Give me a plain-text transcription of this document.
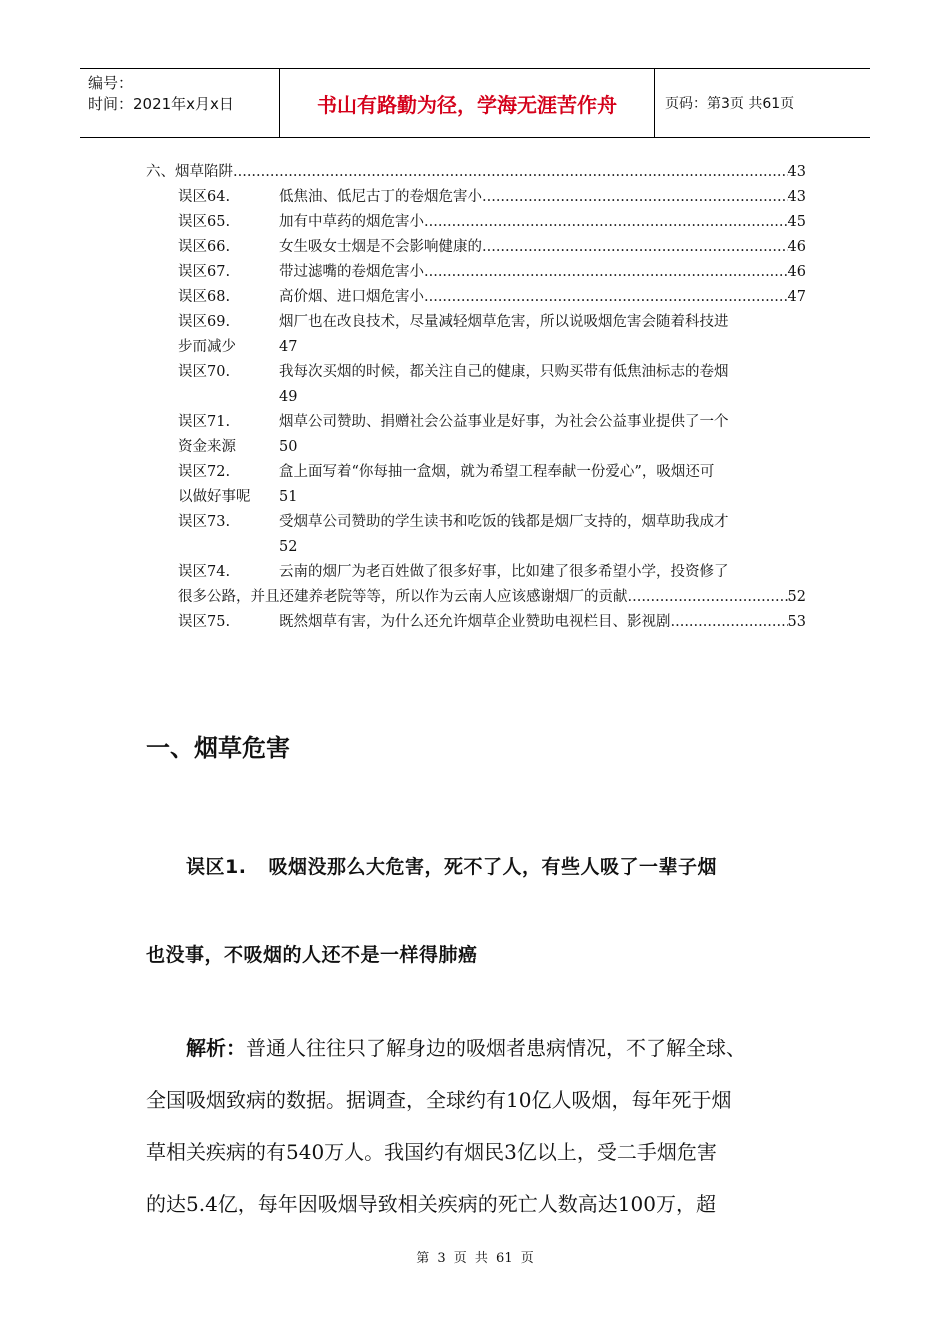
编号：
时间：2021年x月x日	书山有路勤为径，学海无涯苦作舟	页码：第3页 共61页
六、烟草陷阱 .....	43
误区64.	低焦油、低尼古丁的卷烟危害小 .....	43
误区65.	加有中草药的烟危害小 .....	45
误区66.	女生吸女士烟是不会影响健康的 .....	46
误区67.	带过滤嘴的卷烟危害小 .....	46
误区68.	高价烟、进口烟危害小 .....	47
误区69.	烟厂也在改良技术，尽量减轻烟草危害，所以说吸烟危害会随着科技进
步而减少	47
误区70.	我每次买烟的时候，都关注自己的健康，只购买带有低焦油标志的卷烟
49
误区71.	烟草公司赞助、捐赠社会公益事业是好事，为社会公益事业提供了一个
资金来源	50
误区72.	盒上面写着“你每抽一盒烟，就为希望工程奉献一份爱心”，吸烟还可
以做好事呢	51
误区73.	受烟草公司赞助的学生读书和吃饭的钱都是烟厂支持的，烟草助我成才
52
误区74.	云南的烟厂为老百姓做了很多好事，比如建了很多希望小学，投资修了
很多公路，并且还建养老院等等，所以作为云南人应该感谢烟厂的贡献 .....	52
误区75.	既然烟草有害，为什么还允许烟草企业赞助电视栏目、影视剧 .....	53
一、烟草危害
误区1. 吸烟没那么大危害，死不了人，有些人吸了一辈子烟
也没事，不吸烟的人还不是一样得肺癌
解析：普通人往往只了解身边的吸烟者患病情况，不了解全球、
全国吸烟致病的数据。据调查，全球约有10亿人吸烟，每年死于烟
草相关疾病的有540万人。我国约有烟民3亿以上，受二手烟危害
的达5.4亿，每年因吸烟导致相关疾病的死亡人数高达100万，超
第 3 页 共 61 页
